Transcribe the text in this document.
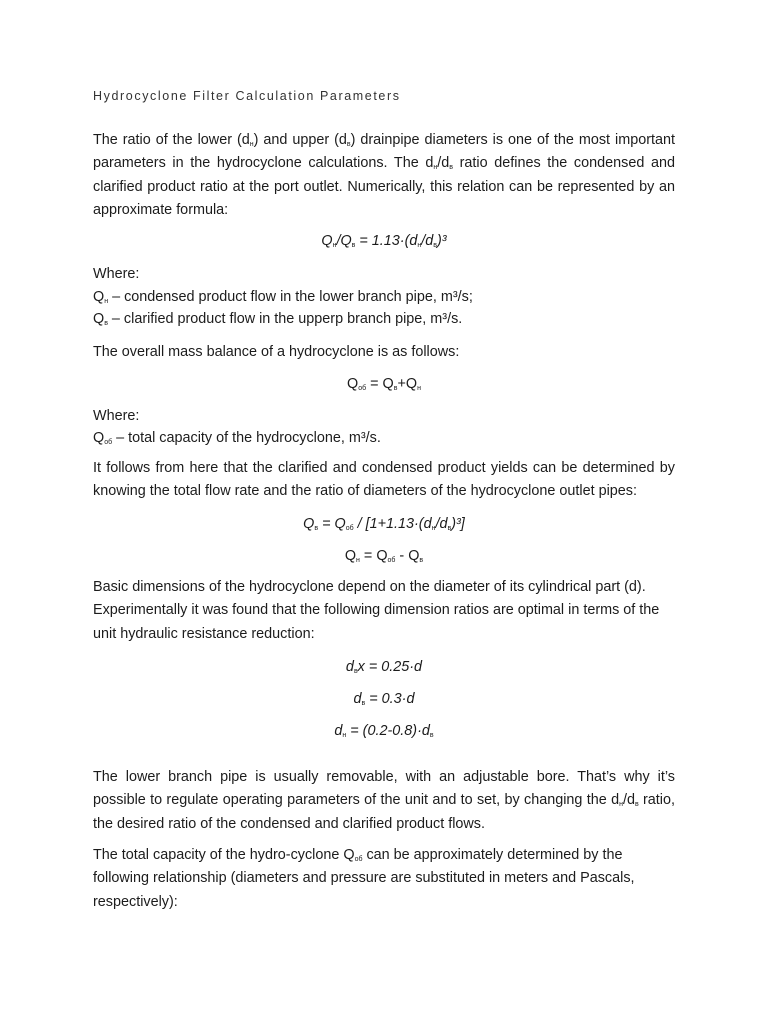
Hydrocyclone Filter Calculation Parameters

The ratio of the lower $(d_н)$ and upper $(d_в)$ drainpipe diameters is one of the most important parameters in the hydrocyclone calculations. The $d_н/d_в$ ratio defines the condensed and clarified product ratio at the port outlet. Numerically, this relation can be represented by an approximate formula:

$Q_н/Q_в = 1.13\cdot(d_н/d_в)^3$
Where:
$Q_н$ – condensed product flow in the lower branch pipe, m³/s;
$Q_в$ – clarified product flow in the upperp branch pipe, m³/s.
The overall mass balance of a hydrocyclone is as follows:
$Q_{об} = Q_в+Q_н$
Where:
$Q_{об}$ – total capacity of the hydrocyclone, m³/s.

It follows from here that the clarified and condensed product yields can be determined by knowing the total flow rate and the ratio of diameters of the hydrocyclone outlet pipes:

$Q_в = Q_{об} / [1+1.13\cdot(d_н/d_в)^3]$
$Q_н = Q_{об} - Q_в$

Basic dimensions of the hydrocyclone depend on the diameter of its cylindrical part (d). Experimentally it was found that the following dimension ratios are optimal in terms of the unit hydraulic resistance reduction:

$d_вx = 0.25\cdot d$
$d_в = 0.3\cdot d$
$d_н = (0.2-0.8)\cdot d_в$

The lower branch pipe is usually removable, with an adjustable bore. That’s why it’s possible to regulate operating parameters of the unit and to set, by changing the $d_н/d_в$ ratio, the desired ratio of the condensed and clarified product flows.

The total capacity of the hydro-cyclone $Q_{об}$ can be approximately determined by the following relationship (diameters and pressure are substituted in meters and Pascals, respectively):
